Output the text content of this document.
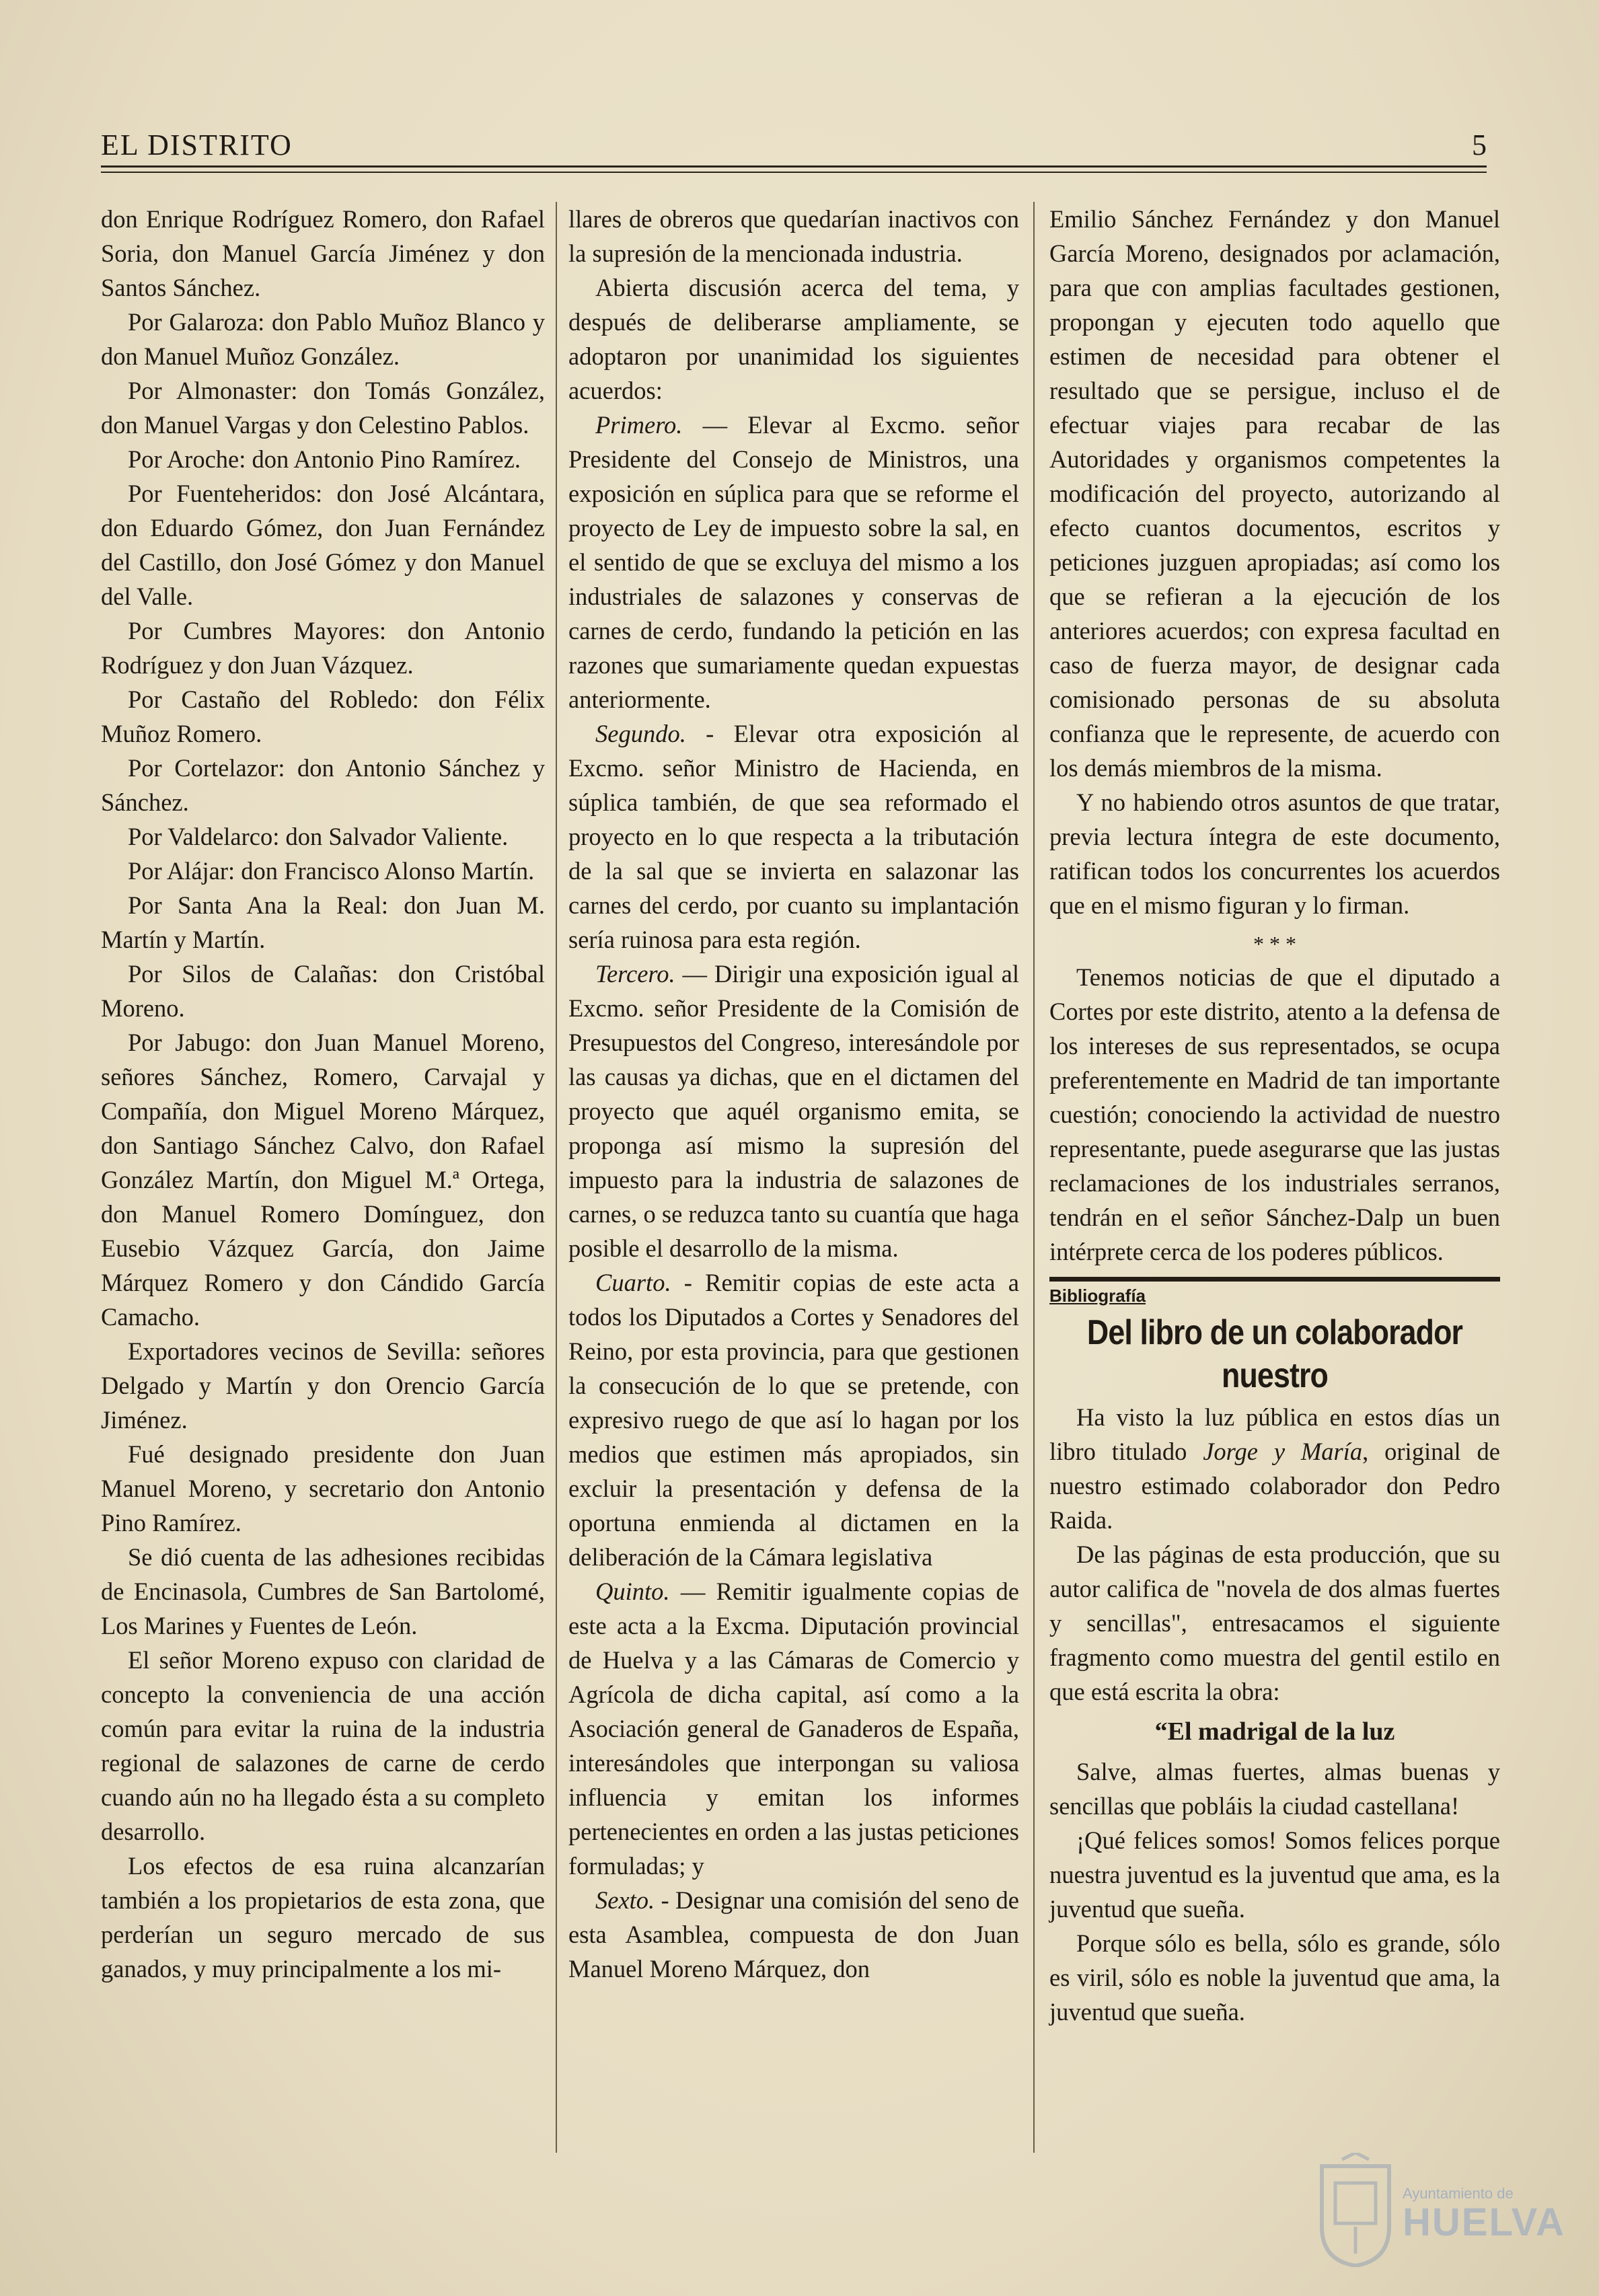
EL DISTRITO	5

don Enrique Rodríguez Romero, don Rafael Soria, don Manuel García Jiménez y don Santos Sánchez.

Por Galaroza: don Pablo Muñoz Blanco y don Manuel Muñoz González.

Por Almonaster: don Tomás González, don Manuel Vargas y don Celestino Pablos.

Por Aroche: don Antonio Pino Ramírez.

Por Fuenteheridos: don José Alcántara, don Eduardo Gómez, don Juan Fernández del Castillo, don José Gómez y don Manuel del Valle.

Por Cumbres Mayores: don Antonio Rodríguez y don Juan Vázquez.

Por Castaño del Robledo: don Félix Muñoz Romero.

Por Cortelazor: don Antonio Sánchez y Sánchez.

Por Valdelarco: don Salvador Valiente.

Por Alájar: don Francisco Alonso Martín.

Por Santa Ana la Real: don Juan M. Martín y Martín.

Por Silos de Calañas: don Cristóbal Moreno.

Por Jabugo: don Juan Manuel Moreno, señores Sánchez, Romero, Carvajal y Compañía, don Miguel Moreno Márquez, don Santiago Sánchez Calvo, don Rafael González Martín, don Miguel M.ª Ortega, don Manuel Romero Domínguez, don Eusebio Vázquez García, don Jaime Márquez Romero y don Cándido García Camacho.

Exportadores vecinos de Sevilla: señores Delgado y Martín y don Orencio García Jiménez.

Fué designado presidente don Juan Manuel Moreno, y secretario don Antonio Pino Ramírez.

Se dió cuenta de las adhesiones recibidas de Encinasola, Cumbres de San Bartolomé, Los Marines y Fuentes de León.

El señor Moreno expuso con claridad de concepto la conveniencia de una acción común para evitar la ruina de la industria regional de salazones de carne de cerdo cuando aún no ha llegado ésta a su completo desarrollo.

Los efectos de esa ruina alcanzarían también a los propietarios de esta zona, que perderían un seguro mercado de sus ganados, y muy principalmente a los mi-

llares de obreros que quedarían inactivos con la supresión de la mencionada industria.

Abierta discusión acerca del tema, y después de deliberarse ampliamente, se adoptaron por unanimidad los siguientes acuerdos:

Primero. — Elevar al Excmo. señor Presidente del Consejo de Ministros, una exposición en súplica para que se reforme el proyecto de Ley de impuesto sobre la sal, en el sentido de que se excluya del mismo a los industriales de salazones y conservas de carnes de cerdo, fundando la petición en las razones que sumariamente quedan expuestas anteriormente.

Segundo. - Elevar otra exposición al Excmo. señor Ministro de Hacienda, en súplica también, de que sea reformado el proyecto en lo que respecta a la tributación de la sal que se invierta en salazonar las carnes del cerdo, por cuanto su implantación sería ruinosa para esta región.

Tercero. — Dirigir una exposición igual al Excmo. señor Presidente de la Comisión de Presupuestos del Congreso, interesándole por las causas ya dichas, que en el dictamen del proyecto que aquél organismo emita, se proponga así mismo la supresión del impuesto para la industria de salazones de carnes, o se reduzca tanto su cuantía que haga posible el desarrollo de la misma.

Cuarto. - Remitir copias de este acta a todos los Diputados a Cortes y Senadores del Reino, por esta provincia, para que gestionen la consecución de lo que se pretende, con expresivo ruego de que así lo hagan por los medios que estimen más apropiados, sin excluir la presentación y defensa de la oportuna enmienda al dictamen en la deliberación de la Cámara legislativa

Quinto. — Remitir igualmente copias de este acta a la Excma. Diputación provincial de Huelva y a las Cámaras de Comercio y Agrícola de dicha capital, así como a la Asociación general de Ganaderos de España, interesándoles que interpongan su valiosa influencia y emitan los informes pertenecientes en orden a las justas peticiones formuladas; y

Sexto. - Designar una comisión del seno de esta Asamblea, compuesta de don Juan Manuel Moreno Márquez, don

Emilio Sánchez Fernández y don Manuel García Moreno, designados por aclamación, para que con amplias facultades gestionen, propongan y ejecuten todo aquello que estimen de necesidad para obtener el resultado que se persigue, incluso el de efectuar viajes para recabar de las Autoridades y organismos competentes la modificación del proyecto, autorizando al efecto cuantos documentos, escritos y peticiones juzguen apropiadas; así como los que se refieran a la ejecución de los anteriores acuerdos; con expresa facultad en caso de fuerza mayor, de designar cada comisionado personas de su absoluta confianza que le represente, de acuerdo con los demás miembros de la misma.

Y no habiendo otros asuntos de que tratar, previa lectura íntegra de este documento, ratifican todos los concurrentes los acuerdos que en el mismo figuran y lo firman.

* * *

Tenemos noticias de que el diputado a Cortes por este distrito, atento a la defensa de los intereses de sus representados, se ocupa preferentemente en Madrid de tan importante cuestión; conociendo la actividad de nuestro representante, puede asegurarse que las justas reclamaciones de los industriales serranos, tendrán en el señor Sánchez-Dalp un buen intérprete cerca de los poderes públicos.

Bibliografía
Del libro de un colaborador nuestro

Ha visto la luz pública en estos días un libro titulado Jorge y María, original de nuestro estimado colaborador don Pedro Raida.

De las páginas de esta producción, que su autor califica de "novela de dos almas fuertes y sencillas", entresacamos el siguiente fragmento como muestra del gentil estilo en que está escrita la obra:

“El madrigal de la luz

Salve, almas fuertes, almas buenas y sencillas que pobláis la ciudad castellana!

¡Qué felices somos! Somos felices porque nuestra juventud es la juventud que ama, es la juventud que sueña.

Porque sólo es bella, sólo es grande, sólo es viril, sólo es noble la juventud que ama, la juventud que sueña.

Ayuntamiento de
HUELVA
